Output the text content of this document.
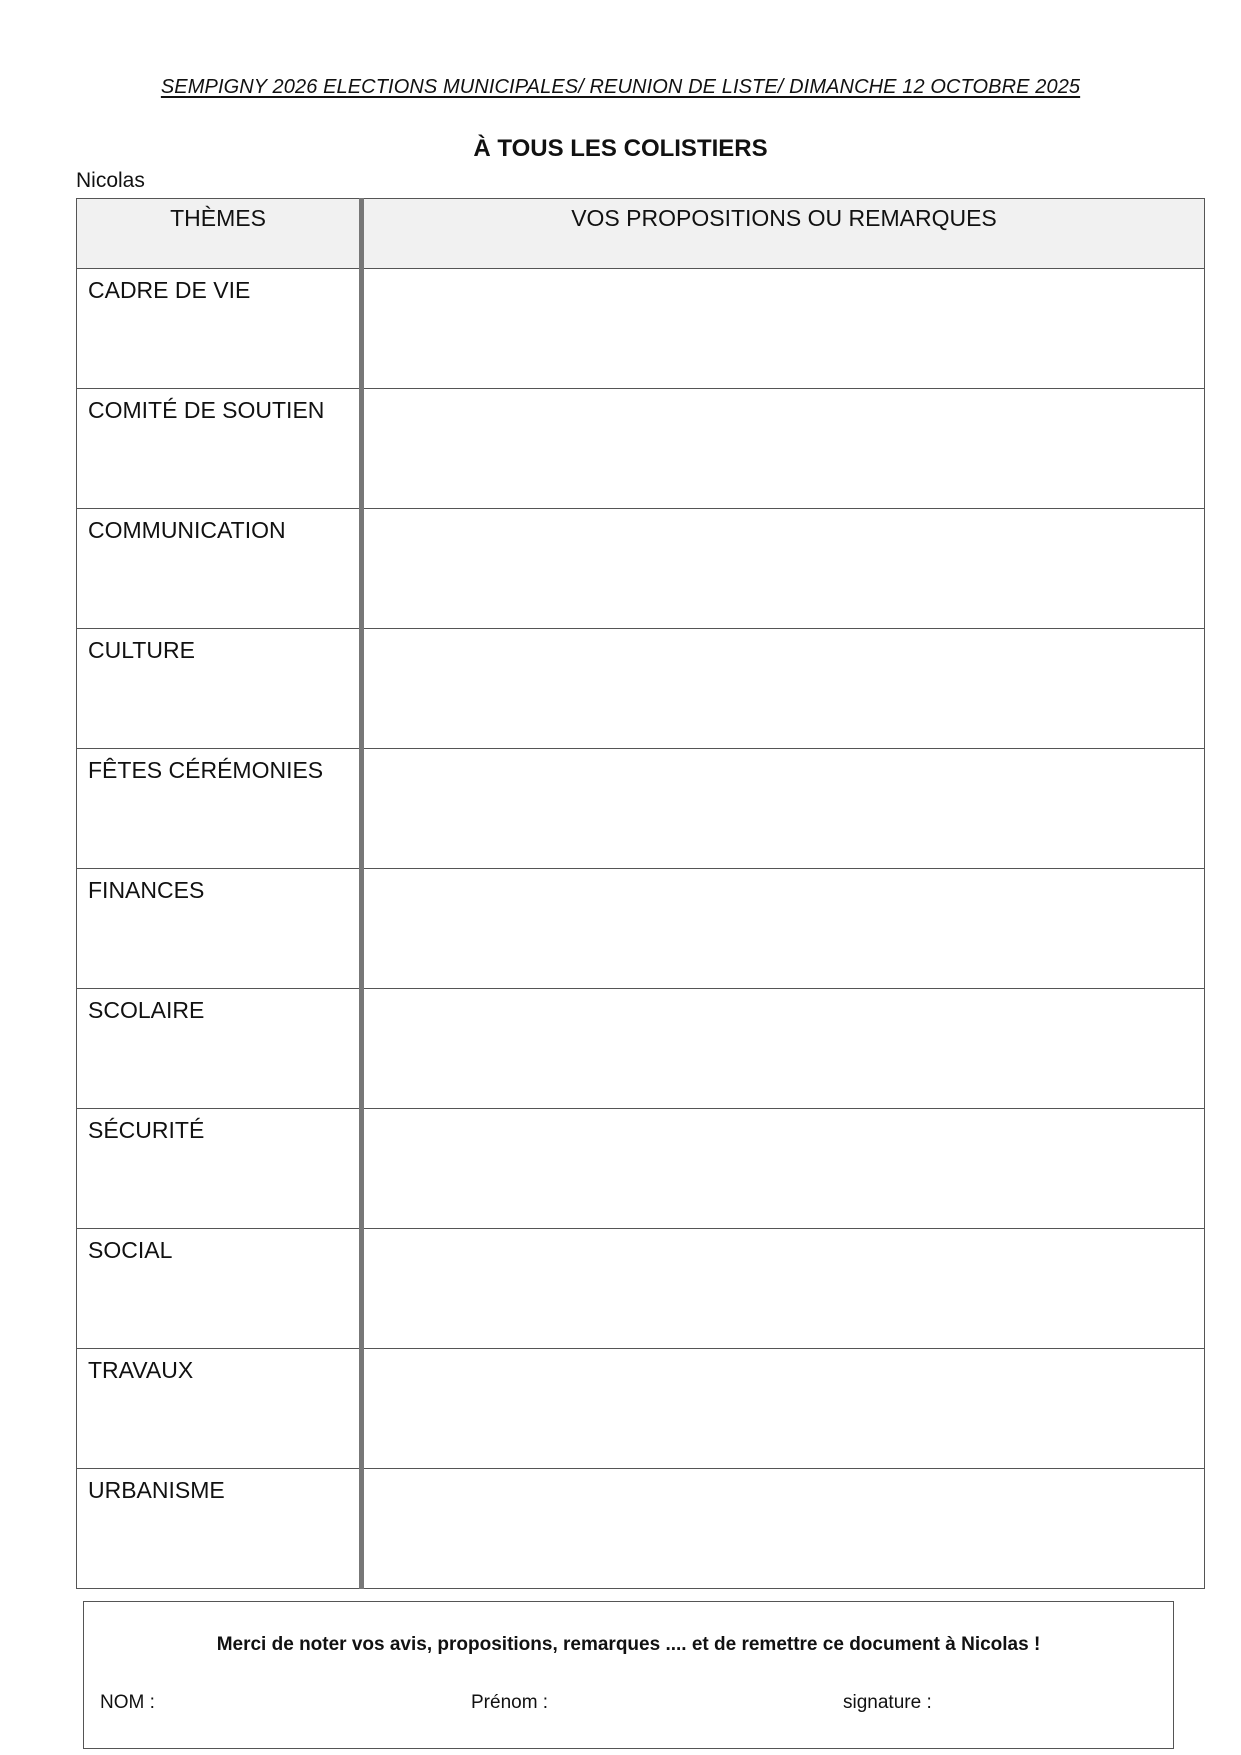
SEMPIGNY 2026 ELECTIONS MUNICIPALES/ REUNION DE LISTE/ DIMANCHE 12 OCTOBRE 2025
À TOUS LES COLISTIERS
Nicolas
THÈMES	VOS PROPOSITIONS OU REMARQUES
CADRE DE VIE	
COMITÉ DE SOUTIEN	
COMMUNICATION	
CULTURE	
FÊTES CÉRÉMONIES	
FINANCES	
SCOLAIRE	
SÉCURITÉ	
SOCIAL	
TRAVAUX	
URBANISME	
Merci de noter vos avis, propositions, remarques .... et de remettre ce document à Nicolas !
NOM :	Prénom :	signature :
